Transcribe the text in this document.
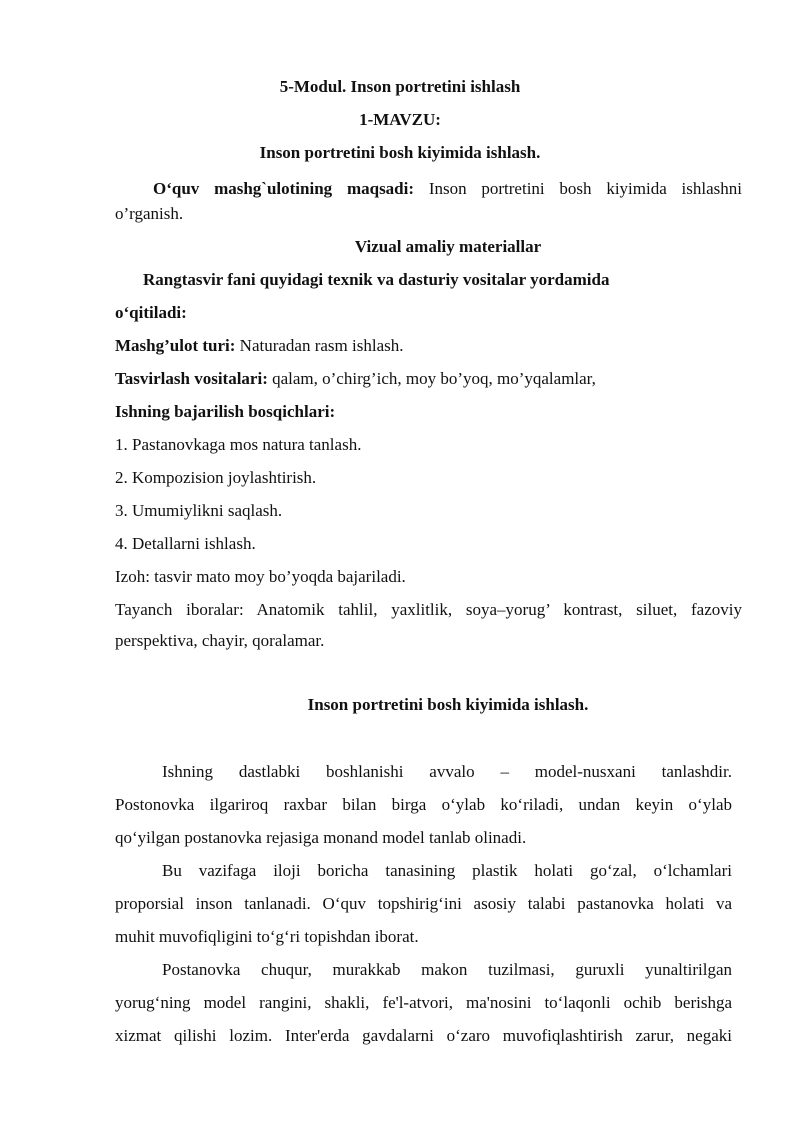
5-Modul. Inson portretini ishlash
1-MAVZU:
Inson portretini bosh kiyimida ishlash.
O‘quv mashg`ulotining maqsadi: Inson portretini bosh kiyimida ishlashni
o’rganish.
Vizual amaliy materiallar
Rangtasvir fani quyidagi texnik va dasturiy vositalar yordamida
o‘qitiladi:
Mashg’ulot turi: Naturadan rasm ishlash.
Tasvirlash vositalari: qalam, o’chirg’ich, moy bo’yoq, mo’yqalamlar,
Ishning bajarilish bosqichlari:
1. Pastanovkaga mos natura tanlash.
2. Kompozision joylashtirish.
3. Umumiylikni saqlash.
4. Detallarni ishlash.
Izoh: tasvir mato moy bo’yoqda bajariladi.
Tayanch iboralar: Anatomik tahlil, yaxlitlik, soya–yorug’ kontrast, siluet, fazoviy
perspektiva, chayir, qoralamar.
Inson portretini bosh kiyimida ishlash.
Ishning dastlabki boshlanishi avvalo – model-nusxani tanlashdir.
Postonovka ilgariroq raxbar bilan birga o‘ylab ko‘riladi, undan keyin o‘ylab
qo‘yilgan postanovka rejasiga monand model tanlab olinadi.
Bu vazifaga iloji boricha tanasining plastik holati go‘zal, o‘lchamlari
proporsial inson tanlanadi. O‘quv topshirig‘ini asosiy talabi pastanovka holati va
muhit muvofiqligini to‘g‘ri topishdan iborat.
Postanovka chuqur, murakkab makon tuzilmasi, guruxli yunaltirilgan
yorug‘ning model rangini, shakli, fe'l-atvori, ma'nosini to‘laqonli ochib berishga
xizmat qilishi lozim. Inter'erda gavdalarni o‘zaro muvofiqlashtirish zarur, negaki
